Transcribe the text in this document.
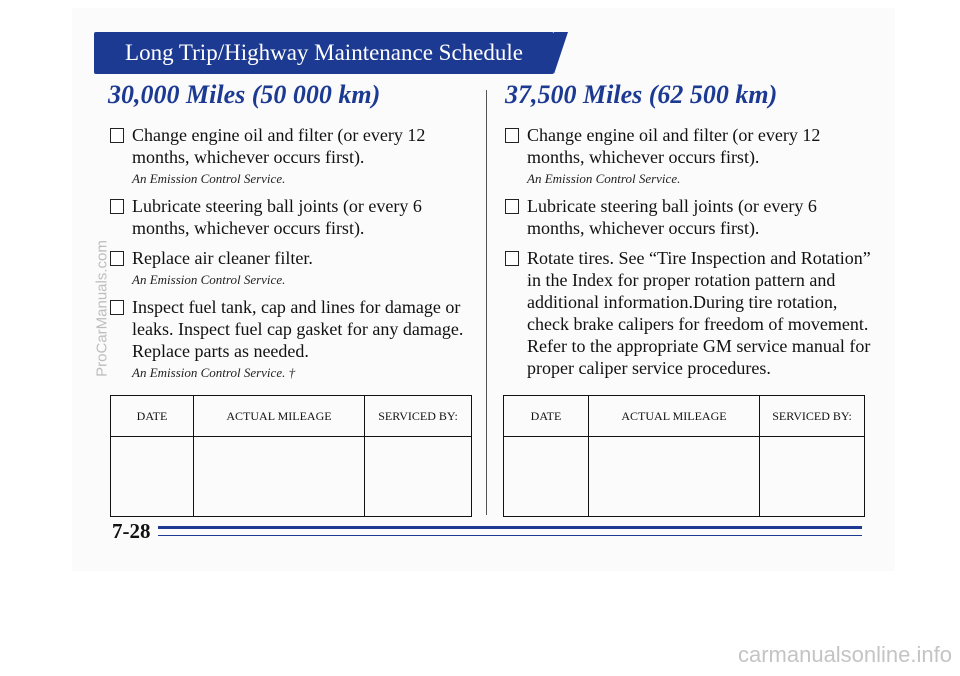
Long Trip/Highway Maintenance Schedule
30,000 Miles (50 000 km)
Change engine oil and filter (or every 12 months, whichever occurs first).
An Emission Control Service.
Lubricate steering ball joints (or every 6 months, whichever occurs first).
Replace air cleaner filter.
An Emission Control Service.
Inspect fuel tank, cap and lines for damage or leaks. Inspect fuel cap gasket for any damage. Replace parts as needed.
An Emission Control Service. †
37,500 Miles (62 500 km)
Change engine oil and filter (or every 12 months, whichever occurs first).
An Emission Control Service.
Lubricate steering ball joints (or every 6 months, whichever occurs first).
Rotate tires. See “Tire Inspection and Rotation” in the Index for proper rotation pattern and additional information.During tire rotation, check brake calipers for freedom of movement. Refer to the appropriate GM service manual for proper caliper service procedures.
DATE	ACTUAL MILEAGE	SERVICED BY:
			DATE	ACTUAL MILEAGE	SERVICED BY:

7-28
ProCarManuals.com
carmanualsonline.info
